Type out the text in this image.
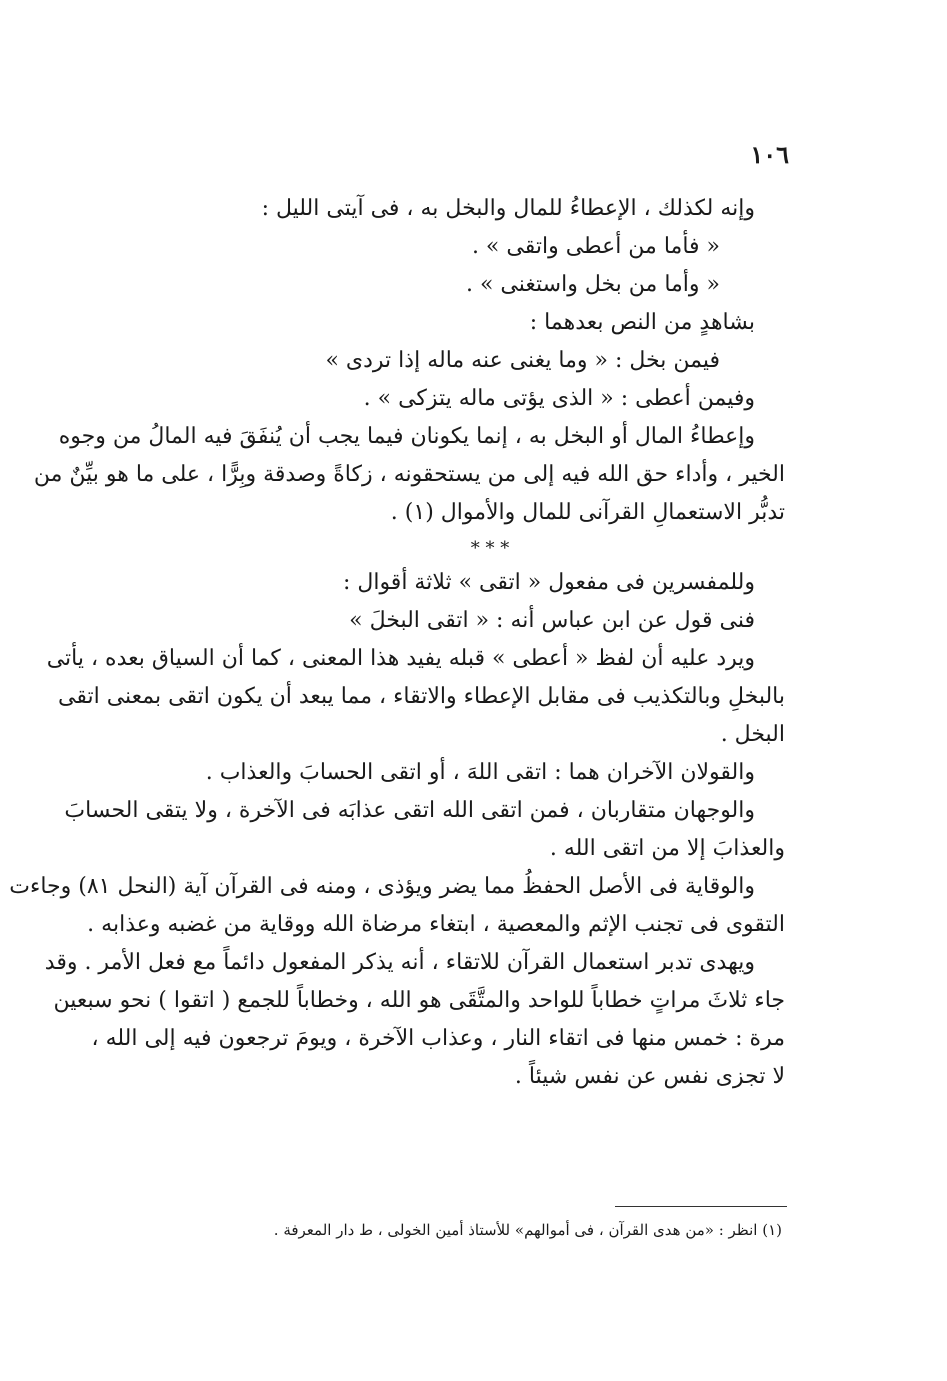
١٠٦

وإنه لكذلك ، الإعطاءُ للمال والبخل به ، فى آيتى الليل :

« فأما من أعطى واتقى » .

« وأما من بخل واستغنى » .

بشاهدٍ من النص بعدهما :

فيمن بخل : « وما يغنى عنه ماله إذا تردى »

وفيمن أعطى : « الذى يؤتى ماله يتزكى » .

وإعطاءُ المال أو البخل به ، إنما يكونان فيما يجب أن يُنفَقَ فيه المالُ من وجوه

الخير ، وأداء حق الله فيه إلى من يستحقونه ، زكاةً وصدقة وبِرًّا ، على ما هو بيِّنٌ من

تدبُّر الاستعمالِ القرآنى للمال والأموال (١) .

* * *

وللمفسرين فى مفعول « اتقى » ثلاثة أقوال :

فنى قول عن ابن عباس أنه : « اتقى البخلَ »

ويرد عليه أن لفظ « أعطى » قبله يفيد هذا المعنى ، كما أن السياق بعده ، يأتى

بالبخلِ وبالتكذيب فى مقابل الإعطاء والاتقاء ، مما يبعد أن يكون اتقى بمعنى اتقى

البخل .

والقولان الآخران هما : اتقى اللهَ ، أو اتقى الحسابَ والعذاب .

والوجهان متقاربان ، فمن اتقى الله اتقى عذابَه فى الآخرة ، ولا يتقى الحسابَ

والعذابَ إلا من اتقى الله .

والوقاية فى الأصل الحفظُ مما يضر ويؤذى ، ومنه فى القرآن آية (النحل ٨١) وجاءت

التقوى فى تجنب الإثم والمعصية ، ابتغاء مرضاة الله ووقاية من غضبه وعذابه .

ويهدى تدبر استعمال القرآن للاتقاء ، أنه يذكر المفعول دائماً مع فعل الأمر . وقد

جاء ثلاثَ مراتٍ خطاباً للواحد والمتَّقَى هو الله ، وخطاباً للجمع ( اتقوا ) نحو سبعين

مرة : خمس منها فى اتقاء النار ، وعذاب الآخرة ، ويومَ ترجعون فيه إلى الله ،

لا تجزى نفس عن نفس شيئاً .

(١) انظر : «من هدى القرآن ، فى أموالهم» للأستاذ أمين الخولى ، ط دار المعرفة .
